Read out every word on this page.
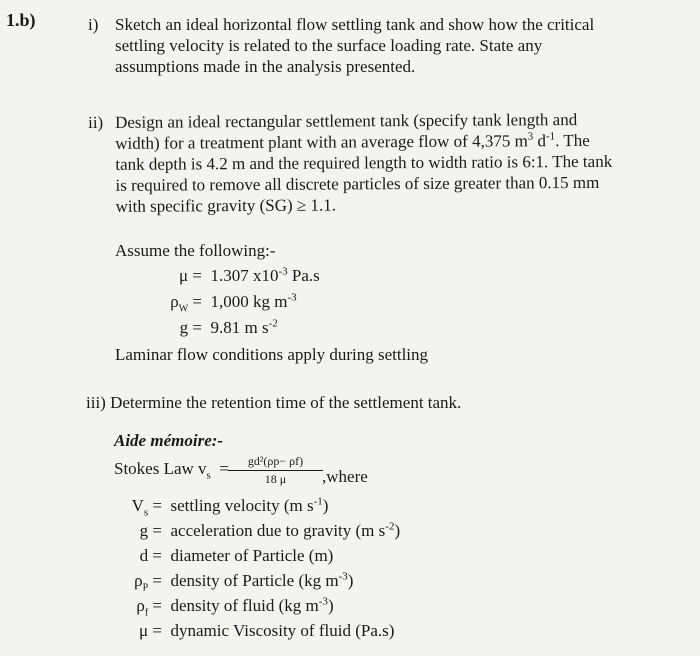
1.b)	i) Sketch an ideal horizontal flow settling tank and show how the critical
settling velocity is related to the surface loading rate. State any
assumptions made in the analysis presented.
ii) Design an ideal rectangular settlement tank (specify tank length and
width) for a treatment plant with an average flow of 4,375 $m^3$ $d^{-1}$. The
tank depth is 4.2 m and the required length to width ratio is 6:1. The tank
is required to remove all discrete particles of size greater than 0.15 mm
with specific gravity (SG) ≥ 1.1.
Assume the following:-
μ = 1.307 $x10^{-3}$ Pa.s
$\rho_W = 1,000$ kg $m^{-3}$
g = 9.81 m $s^{-2}$
Laminar flow conditions apply during settling
iii) Determine the retention time of the settlement tank.
Aide mémoire:-
Stokes Law $v_s = \frac{\text{gd²(ρp− ρf)}}{18 \mu}$ ,where
$V_s$ = settling velocity (m $s^{-1}$)
g = acceleration due to gravity (m $s^{-2}$)
d = diameter of Particle (m)
$\rho_P$ = density of Particle (kg $m^{-3}$)
$\rho_f$ = density of fluid (kg $m^{-3}$)
μ = dynamic Viscosity of fluid (Pa.s)
